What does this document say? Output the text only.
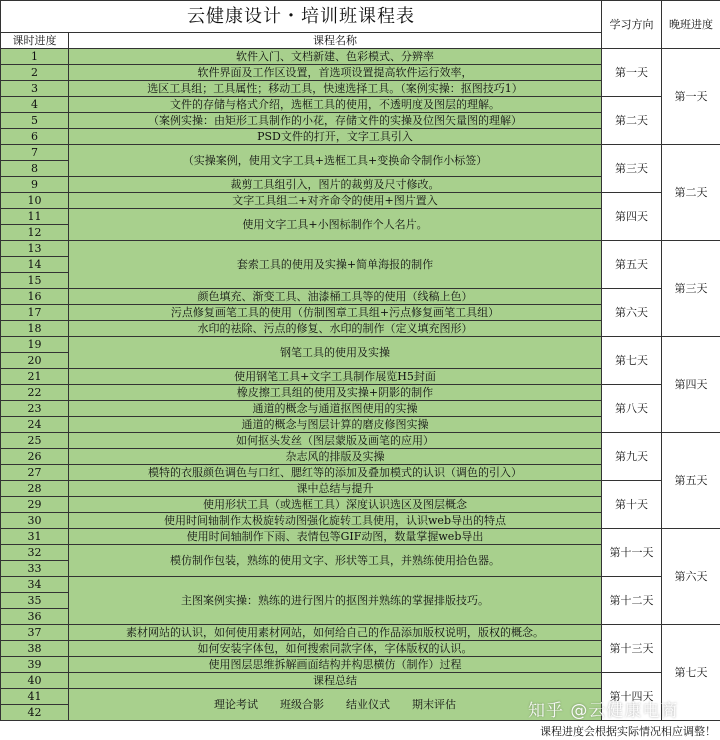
云健康设计・培训班课程表		学习方向	晚班进度
课时进度	课程名称		
1	软件入门、文档新建、色彩模式、分辨率	第一天	第一天
2	软件界面及工作区设置，首选项设置提高软件运行效率，		
3	选区工具组；工具属性；移动工具，快速选择工具。（案例实操：抠图技巧1）		
4	文件的存储与格式介绍，选框工具的使用，不透明度及图层的理解。	第二天	
5	（案例实操：由矩形工具制作的小花，存储文件的实操及位图矢量图的理解）		
6	PSD文件的打开，文字工具引入		
7	（实操案例，使用文字工具+选框工具+变换命令制作小标签）	第三天	第二天
8			
9	裁剪工具组引入，图片的裁剪及尺寸修改。		
10	文字工具组二+对齐命令的使用+图片置入	第四天	
11	使用文字工具+小图标制作个人名片。		
12			
13	套索工具的使用及实操+简单海报的制作	第五天	第三天
14			
15			
16	颜色填充、渐变工具、油漆桶工具等的使用（线稿上色）	第六天	
17	污点修复画笔工具的使用（仿制图章工具组+污点修复画笔工具组）		
18	水印的祛除、污点的修复、水印的制作（定义填充图形）		
19	钢笔工具的使用及实操	第七天	第四天
20			
21	使用钢笔工具+文字工具制作展览H5封面		
22	橡皮擦工具组的使用及实操+阴影的制作	第八天	
23	通道的概念与通道抠图使用的实操		
24	通道的概念与图层计算的磨皮修图实操		
25	如何抠头发丝（图层蒙版及画笔的应用）	第九天	第五天
26	杂志风的排版及实操		
27	模特的衣服颜色调色与口红、腮红等的添加及叠加模式的认识（调色的引入）		
28	课中总结与提升	第十天	
29	使用形状工具（或选框工具）深度认识选区及图层概念		
30	使用时间轴制作太极旋转动图强化旋转工具使用，认识web导出的特点		
31	使用时间轴制作下雨、表情包等GIF动图，数量掌握web导出	第十一天	第六天
32	模仿制作包装，熟练的使用文字、形状等工具，并熟练使用拾色器。		
33			
34	主图案例实操：熟练的进行图片的抠图并熟练的掌握排版技巧。	第十二天	
35			
36			
37	素材网站的认识，如何使用素材网站，如何给自己的作品添加版权说明，版权的概念。	第十三天	第七天
38	如何安装字体包，如何搜索同款字体，字体版权的认识。		
39	使用图层思维拆解画面结构并构思横仿（制作）过程		
40	课程总结	第十四天	
41	理论考试　　班级合影　　结业仪式　　期末评估		
42				知乎 @云健康电商
课程进度会根据实际情况相应调整！
